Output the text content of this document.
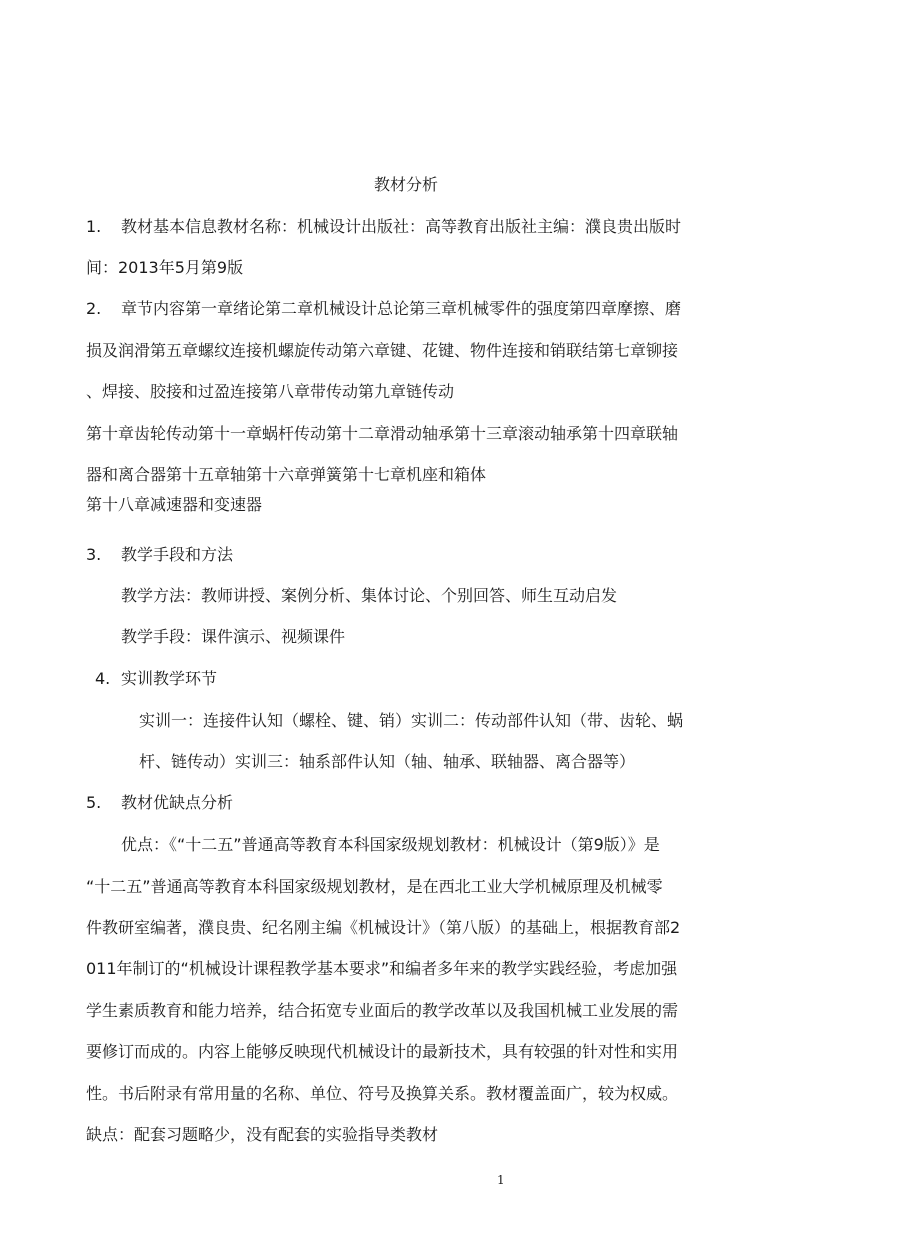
教材分析
1. 教材基本信息教材名称：机械设计出版社：高等教育出版社主编：濮良贵出版时
间：2013年5月第9版
2. 章节内容第一章绪论第二章机械设计总论第三章机械零件的强度第四章摩擦、磨
损及润滑第五章螺纹连接机螺旋传动第六章键、花键、物件连接和销联结第七章铆接
、焊接、胶接和过盈连接第八章带传动第九章链传动
第十章齿轮传动第十一章蜗杆传动第十二章滑动轴承第十三章滚动轴承第十四章联轴
器和离合器第十五章轴第十六章弹簧第十七章机座和箱体
第十八章减速器和变速器
3. 教学手段和方法
教学方法：教师讲授、案例分析、集体讨论、个别回答、师生互动启发
教学手段：课件演示、视频课件
4. 实训教学环节
实训一：连接件认知（螺栓、键、销）实训二：传动部件认知（带、齿轮、蜗
杆、链传动）实训三：轴系部件认知（轴、轴承、联轴器、离合器等）
5. 教材优缺点分析
优点：《“十二五”普通高等教育本科国家级规划教材：机械设计（第9版）》是
“十二五”普通高等教育本科国家级规划教材，是在西北工业大学机械原理及机械零
件教研室编著，濮良贵、纪名刚主编《机械设计》（第八版）的基础上，根据教育部2
011年制订的“机械设计课程教学基本要求”和编者多年来的教学实践经验，考虑加强
学生素质教育和能力培养，结合拓宽专业面后的教学改革以及我国机械工业发展的需
要修订而成的。内容上能够反映现代机械设计的最新技术，具有较强的针对性和实用
性。书后附录有常用量的名称、单位、符号及换算关系。教材覆盖面广，较为权威。
缺点：配套习题略少，没有配套的实验指导类教材
1
